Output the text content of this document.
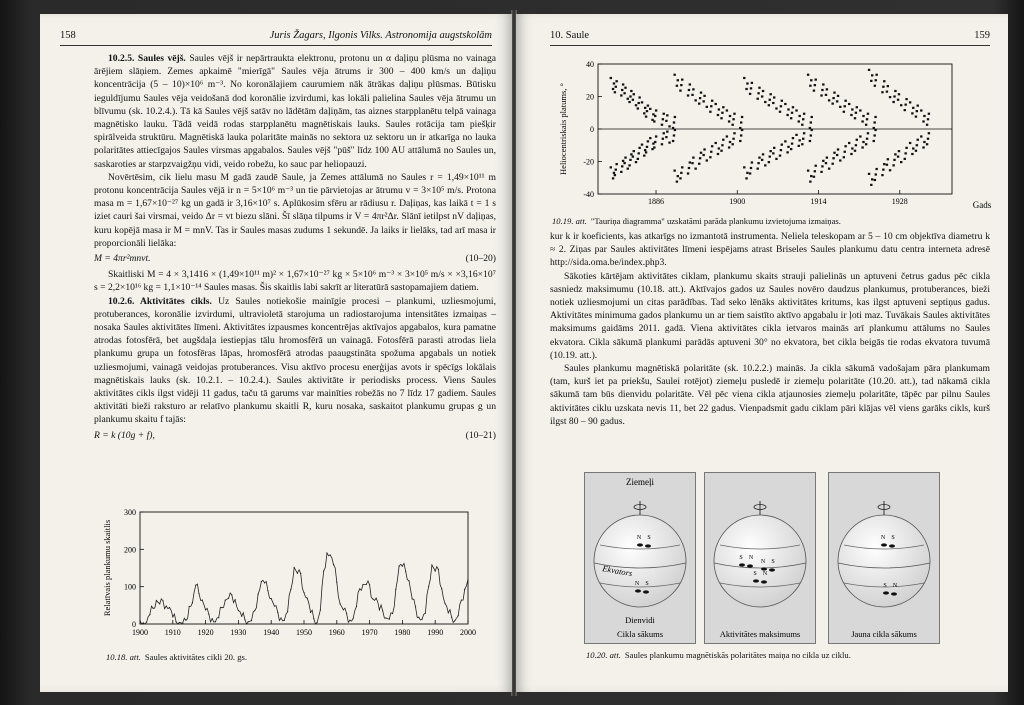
158	Juris Žagars, Ilgonis Vilks. Astronomija augstskolām

10.2.5. Saules vējš. Saules vējš ir nepārtraukta elektronu, protonu un α daļiņu plūsma no vainaga ārējiem slāņiem. Zemes apkaimē "mierīgā" Saules vēja ātrums ir 300 – 400 km/s un daļiņu koncentrācija (5 – 10)×10⁶ m⁻³. No koronālajiem caurumiem nāk ātrākas daļiņu plūsmas. Būtisku ieguldījumu Saules vēja veidošanā dod koronālie izvirdumi, kas lokāli palielina Saules vēja ātrumu un blīvumu (sk. 10.2.4.). Tā kā Saules vējš satāv no lādētām daļiņām, tas aiznes starpplanētu telpā vainaga magnētisko lauku. Tādā veidā rodas starpplanētu magnētiskais lauks. Saules rotācija tam piešķir spirālveida struktūru. Magnētiskā lauka polaritāte mainās no sektora uz sektoru un ir atkarīga no lauka polaritātes attiecīgajos Saules virsmas apgabalos. Saules vējš "pūš" līdz 100 AU attālumā no Saules un, saskaroties ar starpzvaigžņu vidi, veido robežu, ko sauc par heliopauzi.

Novērtēsim, cik lielu masu M gadā zaudē Saule, ja Zemes attālumā no Saules r = 1,49×10¹¹ m protonu koncentrācija Saules vējā ir n = 5×10⁶ m⁻³ un tie pārvietojas ar ātrumu v = 3×10⁵ m/s. Protona masa m = 1,67×10⁻²⁷ kg un gadā ir 3,16×10⁷ s. Aplūkosim sfēru ar rādiusu r. Daļiņas, kas laikā t = 1 s iziet cauri šai virsmai, veido Δr = vt biezu slāni. Šī slāņa tilpums ir V = 4πr²Δr. Slānī ietilpst nV daļiņas, kuru kopējā masa ir M = mnV. Tas ir Saules masas zudums 1 sekundē. Ja laiks ir lielāks, tad arī masa ir proporcionāli lielāka:

M = 4πr²mnvt.	(10–20)

Skaitliski M = 4 × 3,1416 × (1,49×10¹¹ m)² × 1,67×10⁻²⁷ kg × 5×10⁶ m⁻³ × 3×10⁵ m/s × ×3,16×10⁷ s = 2,2×10¹⁶ kg = 1,1×10⁻¹⁴ Saules masas. Šis skaitlis labi sakrīt ar literatūrā sastopamajiem datiem.

10.2.6. Aktivitātes cikls. Uz Saules notiekošie mainīgie procesi – plankumi, uzliesmojumi, protuberances, koronālie izvirdumi, ultravioletā starojuma un radiostarojuma intensitātes izmaiņas – nosaka Saules aktivitātes līmeni. Aktivitātes izpausmes koncentrējas aktīvajos apgabalos, kura pamatne atrodas fotosfērā, bet augšdaļa iestiepjas tālu hromosfērā un vainagā. Fotosfērā parasti atrodas liela plankumu grupa un fotosfēras lāpas, hromosfērā atrodas paaugstināta spožuma apgabals un notiek uzliesmojumi, vainagā veidojas protuberances. Visu aktīvo procesu enerģijas avots ir spēcīgs lokālais magnētiskais lauks (sk. 10.2.1. – 10.2.4.). Saules aktivitāte ir periodisks process. Viens Saules aktivitātes cikls ilgst vidēji 11 gadus, taču tā garums var mainīties robežās no 7 līdz 17 gadiem. Saules aktivitāti bieži raksturo ar relatīvo plankumu skaitli R, kuru nosaka, saskaitot plankumu grupas g un plankumu skaitu f tajās:

R = k (10g + f),	(10–21)
0
100
200
300
1900 1910 1920 1930 1940 1950 1960 1970 1980 1990 2000
Relatīvais plankumu skaitlis
10.18. att. Saules aktivitātes cikli 20. gs.
10. Saule	159
40
20
0
-20
-40
1886	1900	1914	1928
Heliocentriskais platums, °
Gads
10.19. att. "Tauriņa diagramma" uzskatāmi parāda plankumu izvietojuma izmaiņas.

kur k ir koeficients, kas atkarīgs no izmantotā instrumenta. Neliela teleskopam ar 5 – 10 cm objektīva diametru k ≈ 2. Ziņas par Saules aktivitātes līmeni iespējams atrast Briseles Saules plankumu datu centra interneta adresē http://sida.oma.be/index.php3.

Sākoties kārtējam aktivitātes ciklam, plankumu skaits strauji palielinās un aptuveni četrus gadus pēc cikla sasniedz maksimumu (10.18. att.). Aktīvajos gados uz Saules novēro daudzus plankumus, protuberances, bieži notiek uzliesmojumi un citas parādības. Tad seko lēnāks aktivitātes kritums, kas ilgst aptuveni septiņus gadus. Aktivitātes minimuma gados plankumu un ar tiem saistīto aktīvo apgabalu ir ļoti maz. Tuvākais Saules aktivitātes maksimums gaidāms 2011. gadā. Viena aktivitātes cikla ietvaros mainās arī plankumu attālums no Saules ekvatora. Cikla sākumā plankumi parādās aptuveni 30° no ekvatora, bet cikla beigās tie rodas ekvatora tuvumā (10.19. att.).

Saules plankumu magnētiskā polaritāte (sk. 10.2.2.) mainās. Ja cikla sākumā vadošajam pāra plankumam (tam, kurš iet pa priekšu, Saulei rotējot) ziemeļu pusledē ir ziemeļu polaritāte (10.20. att.), tad nākamā cikla sākumā tam būs dienvidu polaritāte. Vēl pēc viena cikla atjaunosies ziemeļu polaritāte, tāpēc par pilnu Saules aktivitātes ciklu uzskata nevis 11, bet 22 gadus. Vienpadsmit gadu ciklam pāri klājas vēl viens garāks cikls, kurš ilgst 80 – 90 gadus.

N S
N S
Ziemeļi
Ekvators
Dienvidi
Cikla sākums
S N
N S
S N
Aktivitātes maksimums
N S
S N
Jauna cikla sākums
10.20. att. Saules plankumu magnētiskās polaritātes maiņa no cikla uz ciklu.
